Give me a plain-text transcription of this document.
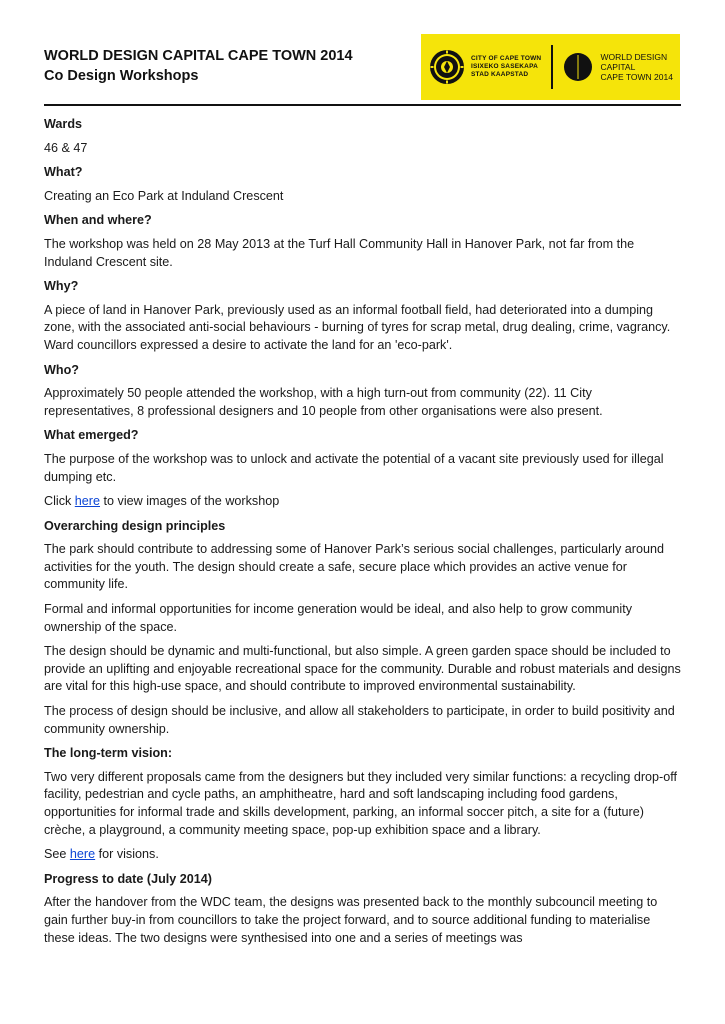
WORLD DESIGN CAPITAL CAPE TOWN 2014
Co Design Workshops
CITY OF CAPE TOWN
ISIXEKO SASEKAPA
STAD KAAPSTAD
WORLD DESIGN
CAPITAL
CAPE TOWN 2014
Wards

46 & 47

What?

Creating an Eco Park at Induland Crescent

When and where?

The workshop was held on 28 May 2013 at the Turf Hall Community Hall in Hanover Park, not far from the Induland Crescent site.

Why?

A piece of land in Hanover Park, previously used as an informal football field, had deteriorated into a dumping zone, with the associated anti-social behaviours - burning of tyres for scrap metal, drug dealing, crime, vagrancy. Ward councillors expressed a desire to activate the land for an 'eco-park'.

Who?

Approximately 50 people attended the workshop, with a high turn-out from community (22). 11 City representatives, 8 professional designers and 10 people from other organisations were also present.

What emerged?

The purpose of the workshop was to unlock and activate the potential of a vacant site previously used for illegal dumping etc.

Click here to view images of the workshop

Overarching design principles

The park should contribute to addressing some of Hanover Park’s serious social challenges, particularly around activities for the youth. The design should create a safe, secure place which provides an active venue for community life.

Formal and informal opportunities for income generation would be ideal, and also help to grow community ownership of the space.

The design should be dynamic and multi-functional, but also simple. A green garden space should be included to provide an uplifting and enjoyable recreational space for the community. Durable and robust materials and designs are vital for this high-use space, and should contribute to improved environmental sustainability.

The process of design should be inclusive, and allow all stakeholders to participate, in order to build positivity and community ownership.

The long-term vision:

Two very different proposals came from the designers but they included very similar functions: a recycling drop-off facility, pedestrian and cycle paths, an amphitheatre, hard and soft landscaping including food gardens, opportunities for informal trade and skills development, parking, an informal soccer pitch, a site for a (future) crèche, a playground, a community meeting space, pop-up exhibition space and a library.

See here for visions.

Progress to date (July 2014)

After the handover from the WDC team, the designs was presented back to the monthly subcouncil meeting to gain further buy-in from councillors to take the project forward, and to source additional funding to materialise these ideas. The two designs were synthesised into one and a series of meetings was
